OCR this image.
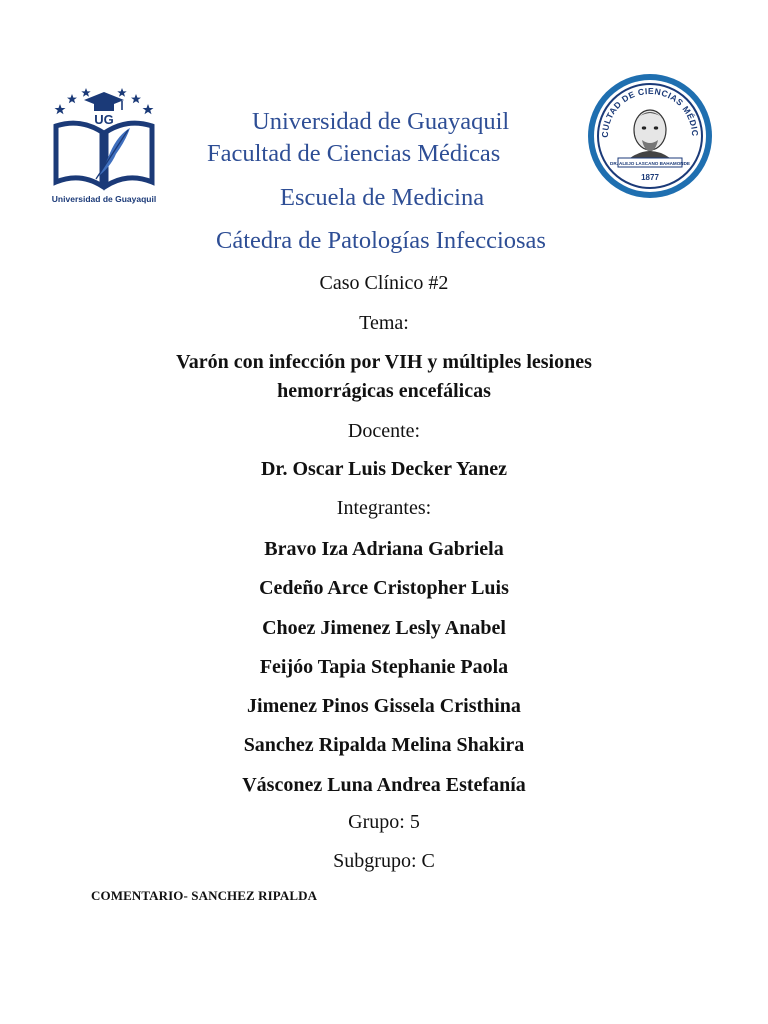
UG
Universidad de Guayaquil
CULTAD DE CIENCIAS MÉDIC
DR. ALEJO LASCANO BAHAMONDE
1877
Universidad de Guayaquil
Facultad de Ciencias Médicas
Escuela de Medicina
Cátedra de Patologías Infecciosas
Caso Clínico #2
Tema:
Varón con infección por VIH y múltiples lesiones
hemorrágicas encefálicas
Docente:
Dr. Oscar Luis Decker Yanez
Integrantes:
Bravo Iza Adriana Gabriela
Cedeño Arce Cristopher Luis
Choez Jimenez Lesly Anabel
Feijóo Tapia Stephanie Paola
Jimenez Pinos Gissela Cristhina
Sanchez Ripalda Melina Shakira
Vásconez Luna Andrea Estefanía
Grupo: 5
Subgrupo: C
COMENTARIO- SANCHEZ RIPALDA
